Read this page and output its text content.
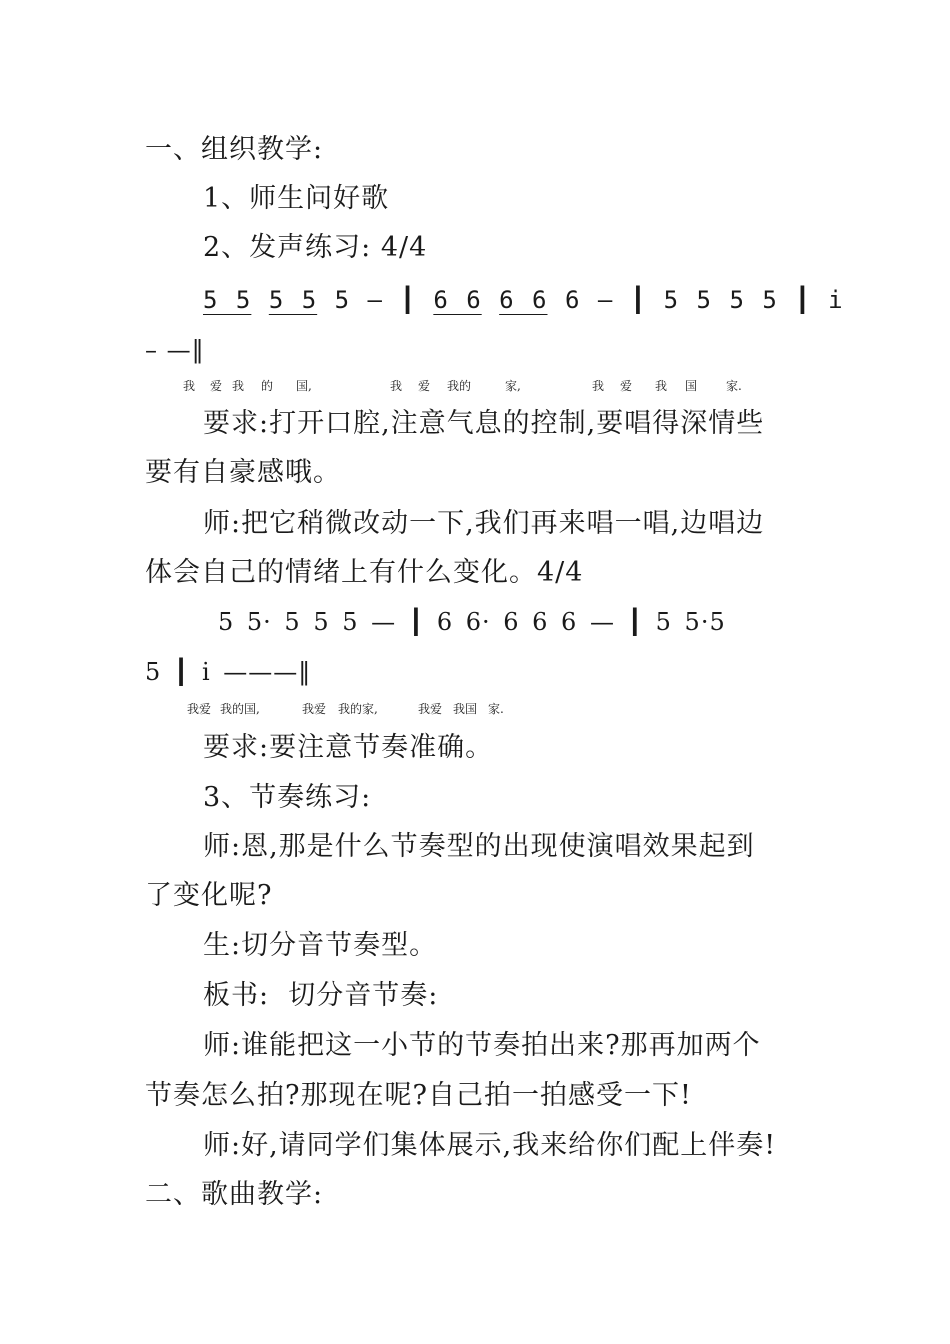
一、组织教学:
1、师生问好歌
2、发声练习: 4/4
5 5 5 5 5 — ┃ 6 6 6 6 6 — ┃ 5 5 5 5 ┃ i
– —‖
我 爱 我 的 国,	我 爱 我的	家,	我 爱 我 国 家.
要求:打开口腔,注意气息的控制,要唱得深情些
要有自豪感哦。
师:把它稍微改动一下,我们再来唱一唱,边唱边
体会自己的情绪上有什么变化。4/4
5 5· 5 5 5 — ┃ 6 6· 6 6 6 — ┃ 5 5·5
5 ┃ i ———‖
我爱 我的国,	我爱 我的家,	我爱 我国 家.
要求:要注意节奏准确。
3、节奏练习:
师:恩,那是什么节奏型的出现使演唱效果起到
了变化呢?
生:切分音节奏型。
板书:  切分音节奏:
师:谁能把这一小节的节奏拍出来?那再加两个
节奏怎么拍?那现在呢?自己拍一拍感受一下!
师:好,请同学们集体展示,我来给你们配上伴奏!
二、歌曲教学:
